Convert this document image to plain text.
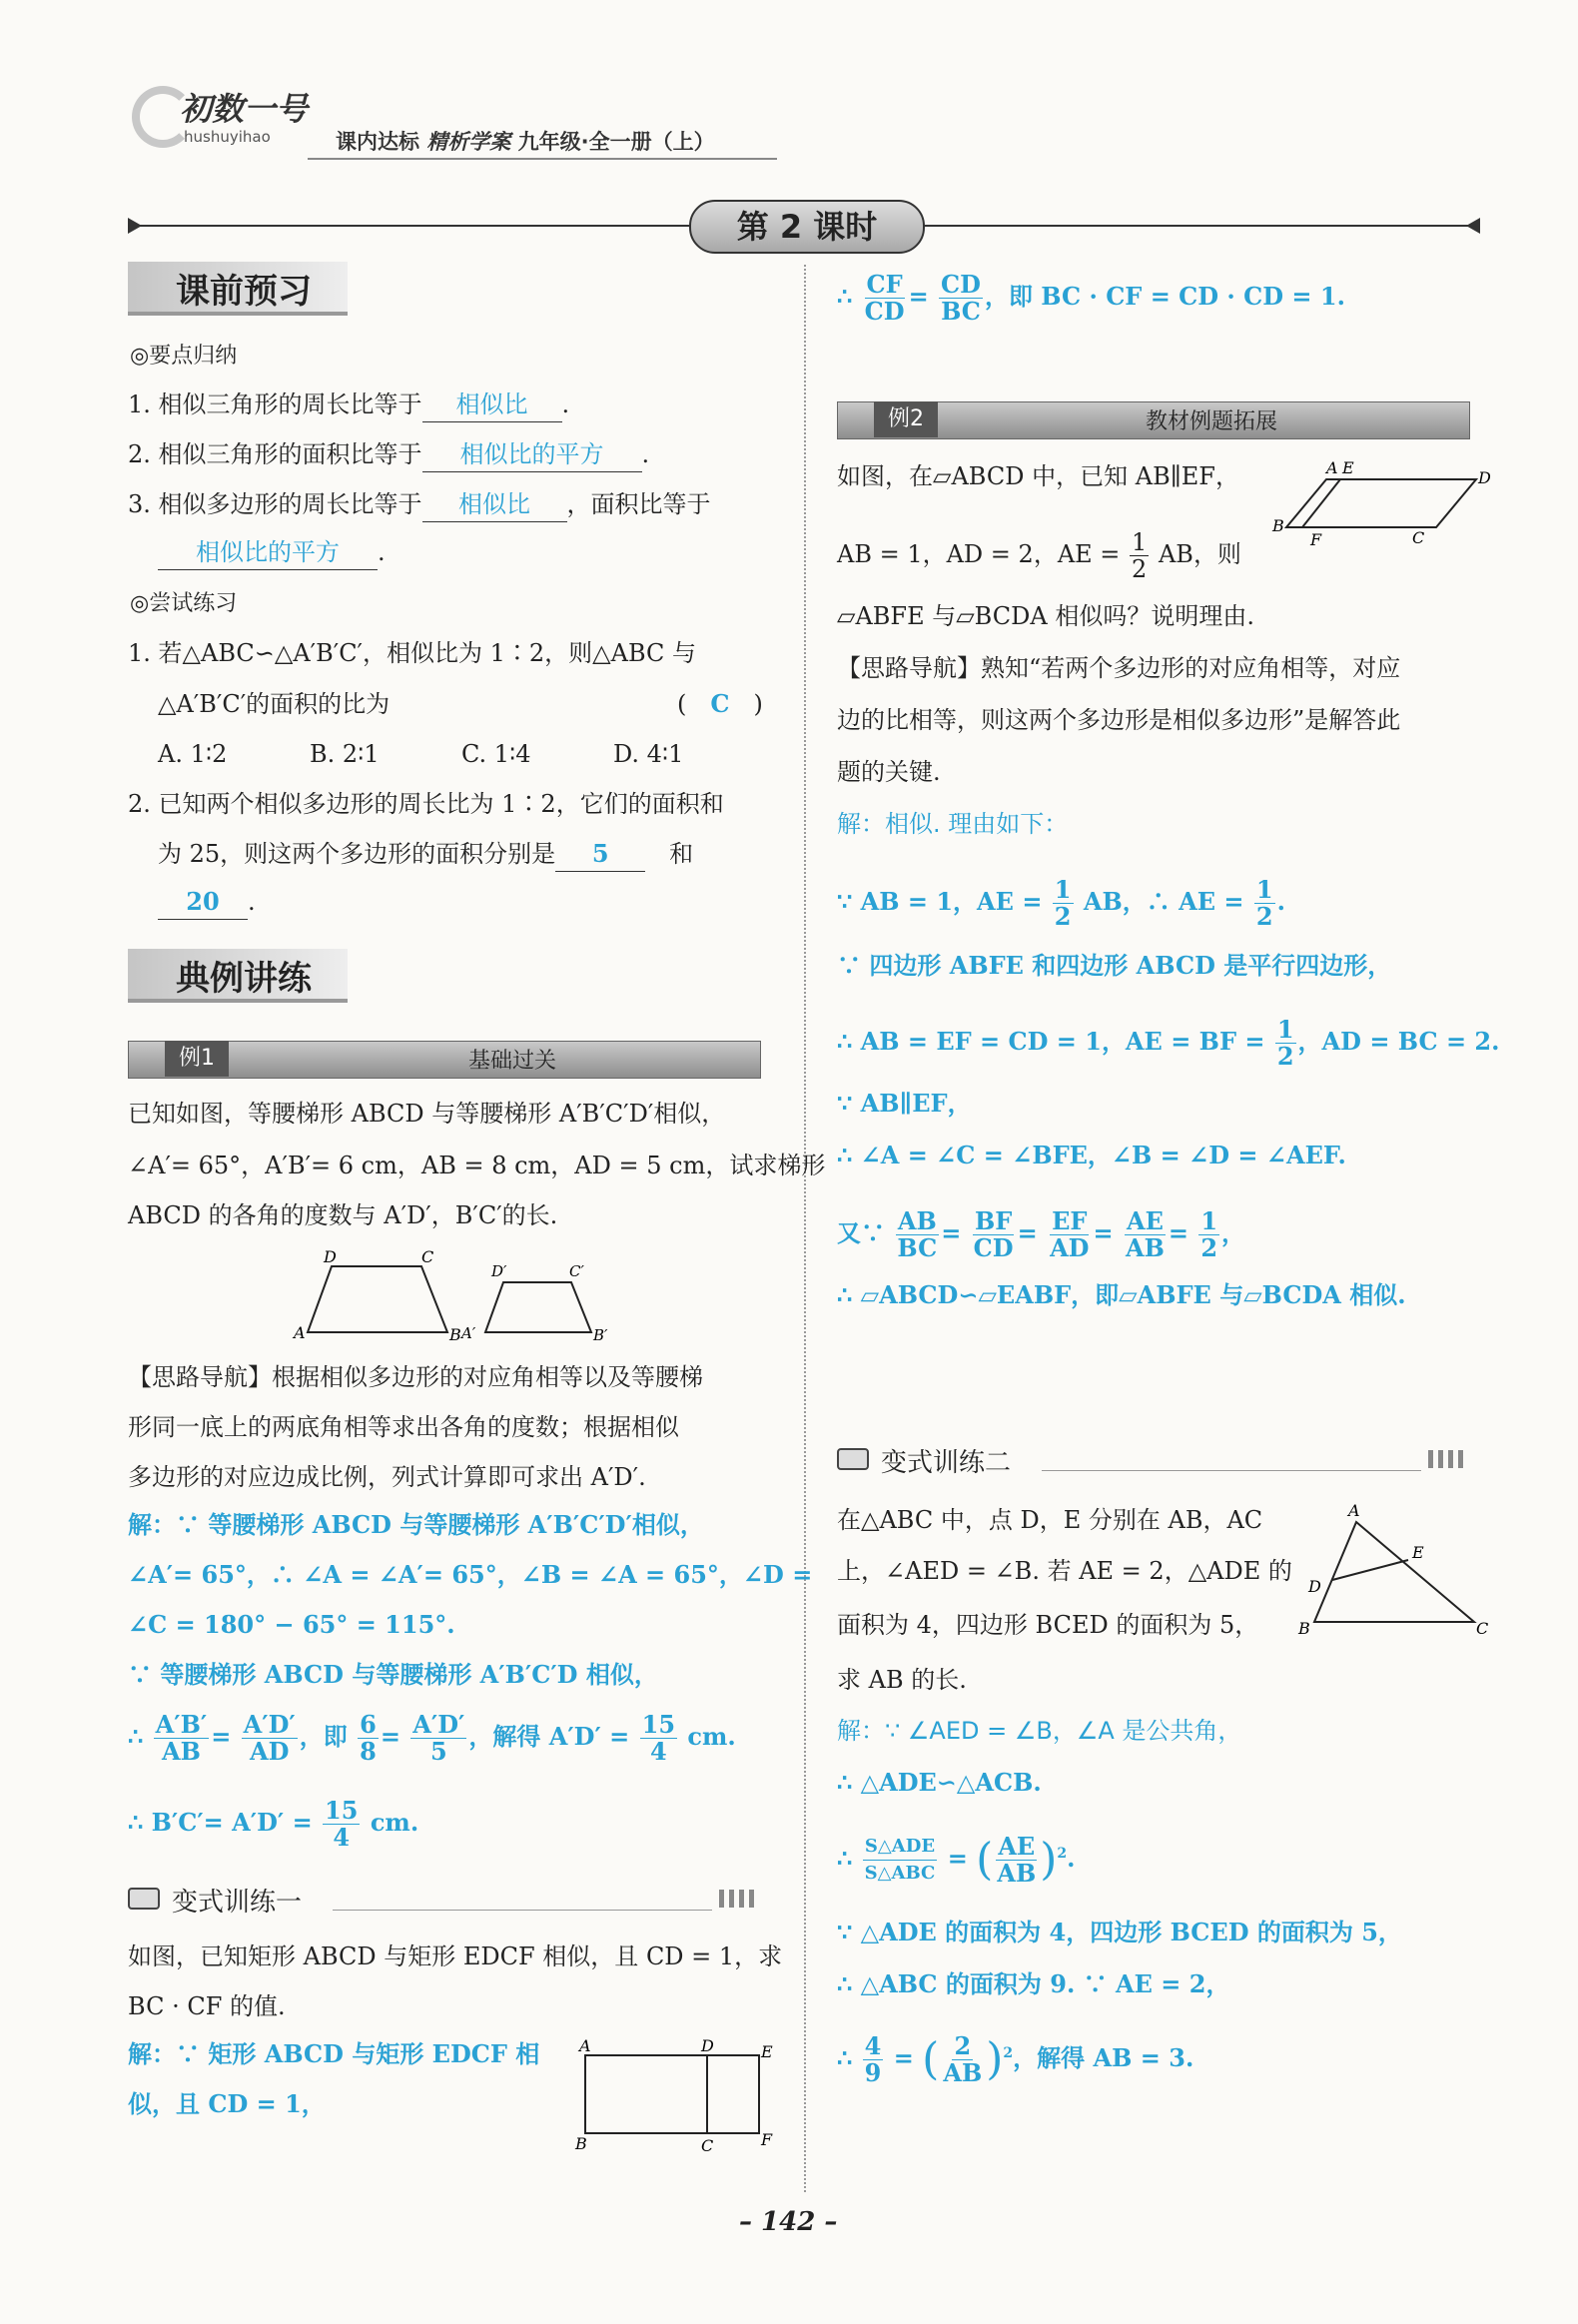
初数一号
hushuyihao	课内达标 精析学案 九年级·全一册（上）
第 2 课时
课前预习
◎要点归纳
1. 相似三角形的周长比等于 相似比 .
2. 相似三角形的面积比等于 相似比的平方 .
3. 相似多边形的周长比等于 相似比 ，面积比等于
相似比的平方 .
◎尝试练习
1. 若△ABC∽△A′B′C′，相似比为 1∶2，则△ABC 与
△A′B′C′的面积的比为	(　C　)
A. 1∶2	B. 2∶1	C. 1∶4	D. 4∶1
2. 已知两个相似多边形的周长比为 1∶2，它们的面积和
为 25，则这两个多边形的面积分别是 5　	和
20 .
典例讲练
例1	基础过关
已知如图，等腰梯形 ABCD 与等腰梯形 A′B′C′D′相似，
∠A′= 65°，A′B′= 6 cm，AB = 8 cm，AD = 5 cm，试求梯形
ABCD 的各角的度数与 A′D′，B′C′的长.
A	B
C
D
A′	B′
C′
D′
【思路导航】根据相似多边形的对应角相等以及等腰梯
形同一底上的两底角相等求出各角的度数；根据相似
多边形的对应边成比例，列式计算即可求出 A′D′.
解：∵ 等腰梯形 ABCD 与等腰梯形 A′B′C′D′相似，
∠A′= 65°，∴ ∠A = ∠A′= 65°，∠B = ∠A = 65°，∠D =
∠C = 180° − 65° = 115°.
∵ 等腰梯形 ABCD 与等腰梯形 A′B′C′D 相似，
∴ $\frac{A'B'}{AB} = \frac{A'D'}{AD}$ ，即 $\frac{6}{8} = \frac{A'D'}{5}$ ，解得 $A'D' = \frac{15}{4}$ cm.
∴ $B'C'= A'D' = \frac{15}{4}$ cm.
变式训练一
如图，已知矩形 ABCD 与矩形 EDCF 相似，且 CD = 1，求
BC · CF 的值.
解：∵ 矩形 ABCD 与矩形 EDCF 相
似，且 CD = 1，
A	D	E
B	C	F
∴ $\frac{CF}{CD} = \frac{CD}{BC}$ ，即 BC · CF = CD · CD = 1.
例2	教材例题拓展
如图，在▱ABCD 中，已知 AB∥EF，
AB = 1，AD = 2，AE = $\frac{1}{2}$ AB，则
A E
D
B
F	C
▱ABFE 与▱BCDA 相似吗？说明理由.
【思路导航】熟知“若两个多边形的对应角相等，对应
边的比相等，则这两个多边形是相似多边形”是解答此
题的关键.
解：相似. 理由如下：
∵ AB = 1，AE = $\frac{1}{2}$ AB，∴ AE = $\frac{1}{2}$ .
∵ 四边形 ABFE 和四边形 ABCD 是平行四边形，
∴ AB = EF = CD = 1，AE = BF = $\frac{1}{2}$ ，AD = BC = 2.
∵ AB∥EF，
∴ ∠A = ∠C = ∠BFE，∠B = ∠D = ∠AEF.
又∵ $\frac{AB}{BC} = \frac{BF}{CD} = \frac{EF}{AD} = \frac{AE}{AB} = \frac{1}{2}$ ，
∴ ▱ABCD∽▱EABF，即▱ABFE 与▱BCDA 相似.
变式训练二
在△ABC 中，点 D，E 分别在 AB，AC
上，∠AED = ∠B. 若 AE = 2，△ADE 的
面积为 4，四边形 BCED 的面积为 5，
求 AB 的长.
A
E
D
B	C
解：∵ ∠AED = ∠B，∠A 是公共角，
∴ △ADE∽△ACB.
∴ $\frac{\text{S△ADE}}{\text{S△ABC}}$ = ( $\frac{AE}{AB} )^2$.
∵ △ADE 的面积为 4，四边形 BCED 的面积为 5，
∴ △ABC 的面积为 9. ∵ AE = 2，
∴ $\frac{4}{9}$ = ( $\frac{2}{AB} )^2$，解得 AB = 3.
– 142 –
